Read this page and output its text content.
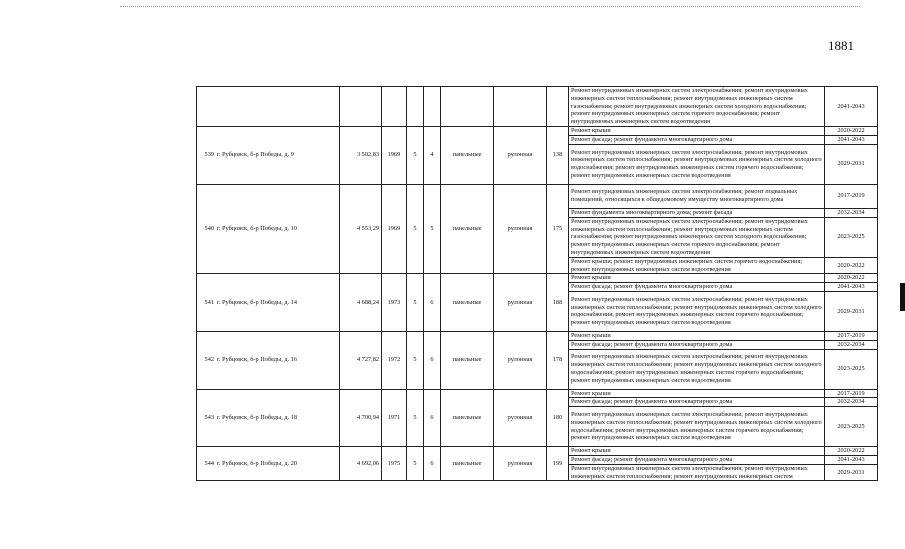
1881
									Ремонт внутридомовых инженерных систем электроснабжения; ремонт внутридомовых инженерных систем теплоснабжения; ремонт внутридомовых инженерных систем газоснабжения; ремонт внутридомовых инженерных систем холодного водоснабжения; ремонт внутридомовых инженерных систем горячего водоснабжения; ремонт внутридомовых инженерных систем водоотведения	2041-2043
539	г. Рубцовск, б-р Победы, д. 9	3 502,83	1969	5	4	панельные	рулонная	138	Ремонт крыши	2020-2022
									Ремонт фасада; ремонт фундамента многоквартирного дома	2041-2043
									Ремонт внутридомовых инженерных систем электроснабжения; ремонт внутридомовых инженерных систем теплоснабжения; ремонт внутридомовых инженерных систем холодного водоснабжения; ремонт внутридомовых инженерных систем горячего водоснабжения; ремонт внутридомовых инженерных систем водоотведения	2029-2031
540	г. Рубцовск, б-р Победы, д. 10	4 553,29	1969	5	5	панельные	рулонная	175	Ремонт внутридомовых инженерных систем электроснабжения; ремонт подвальных помещений, относящихся к общедомовому имуществу многоквартирного дома	2017-2019
									Ремонт фундамента многоквартирного дома; ремонт фасада	2032-2034
									Ремонт внутридомовых инженерных систем электроснабжения; ремонт внутридомовых инженерных систем теплоснабжения; ремонт внутридомовых инженерных систем газоснабжения; ремонт внутридомовых инженерных систем холодного водоснабжения; ремонт внутридомовых инженерных систем горячего водоснабжения; ремонт внутридомовых инженерных систем водоотведения	2023-2025
									Ремонт крыши; ремонт внутридомовых инженерных систем горячего водоснабжения; ремонт внутридомовых инженерных систем водоотведения	2020-2022
541	г. Рубцовск, б-р Победы, д. 14	4 688,24	1973	5	6	панельные	рулонная	188	Ремонт крыши	2020-2022
									Ремонт фасада; ремонт фундамента многоквартирного дома	2041-2043
									Ремонт внутридомовых инженерных систем электроснабжения; ремонт внутридомовых инженерных систем теплоснабжения; ремонт внутридомовых инженерных систем холодного водоснабжения; ремонт внутридомовых инженерных систем горячего водоснабжения; ремонт внутридомовых инженерных систем водоотведения	2029-2031
542	г. Рубцовск, б-р Победы, д. 16	4 727,82	1972	5	6	панельные	рулонная	178	Ремонт крыши	2017-2019
									Ремонт фасада; ремонт фундамента многоквартирного дома	2032-2034
									Ремонт внутридомовых инженерных систем электроснабжения; ремонт внутридомовых инженерных систем теплоснабжения; ремонт внутридомовых инженерных систем холодного водоснабжения; ремонт внутридомовых инженерных систем горячего водоснабжения; ремонт внутридомовых инженерных систем водоотведения	2023-2025
543	г. Рубцовск, б-р Победы, д. 18	4 700,94	1971	5	6	панельные	рулонная	180	Ремонт крыши	2017-2019
									Ремонт фасада; ремонт фундамента многоквартирного дома	2032-2034
									Ремонт внутридомовых инженерных систем электроснабжения; ремонт внутридомовых инженерных систем теплоснабжения; ремонт внутридомовых инженерных систем холодного водоснабжения; ремонт внутридомовых инженерных систем горячего водоснабжения; ремонт внутридомовых инженерных систем водоотведения	2023-2025
544	г. Рубцовск, б-р Победы, д. 20	4 692,06	1975	5	6	панельные	рулонная	199	Ремонт крыши	2020-2022
									Ремонт фасада; ремонт фундамента многоквартирного дома	2041-2043
									Ремонт внутридомовых инженерных систем электроснабжения; ремонт внутридомовых инженерных систем теплоснабжения; ремонт внутридомовых инженерных систем	2029-2031
